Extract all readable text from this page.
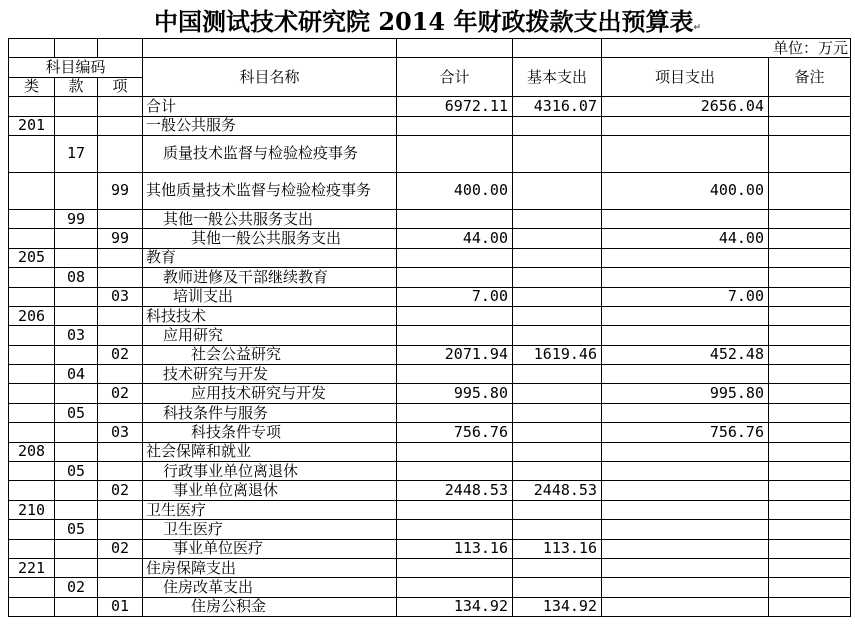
中国测试技术研究院 2014 年财政拨款支出预算表↵
						单位：万元	
科目编码			科目名称	合计	基本支出	项目支出	备注
类	款	项					
			合计	6972.11	4316.07	2656.04	
201			一般公共服务				
	17		质量技术监督与检验检疫事务				
		99	其他质量技术监督与检验检疫事务	400.00		400.00	
	99		其他一般公共服务支出				
		99	其他一般公共服务支出	44.00		44.00	
205			教育				
	08		教师进修及干部继续教育				
		03	培训支出	7.00		7.00	
206			科技技术				
	03		应用研究				
		02	社会公益研究	2071.94	1619.46	452.48	
	04		技术研究与开发				
		02	应用技术研究与开发	995.80		995.80	
	05		科技条件与服务				
		03	科技条件专项	756.76		756.76	
208			社会保障和就业				
	05		行政事业单位离退休				
		02	事业单位离退休	2448.53	2448.53		
210			卫生医疗				
	05		卫生医疗				
		02	事业单位医疗	113.16	113.16		
221			住房保障支出				
	02		住房改革支出				
		01	住房公积金	134.92	134.92		
